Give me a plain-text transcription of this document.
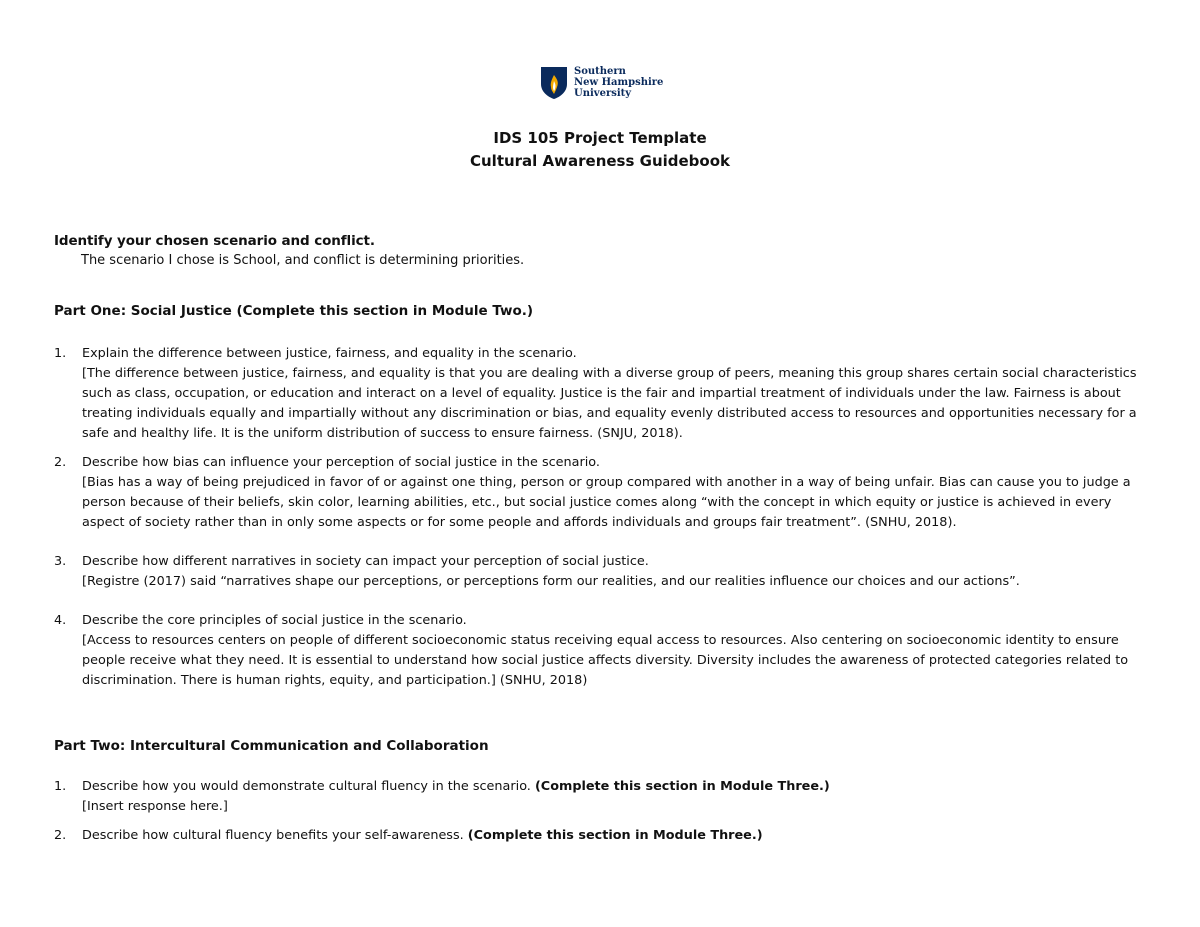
Southern
New Hampshire
University
IDS 105 Project Template
Cultural Awareness Guidebook
Identify your chosen scenario and conflict.
The scenario I chose is School, and conflict is determining priorities.
Part One: Social Justice (Complete this section in Module Two.)
1. Explain the difference between justice, fairness, and equality in the scenario.
[The difference between justice, fairness, and equality is that you are dealing with a diverse group of peers, meaning this group shares certain social characteristics such as class, occupation, or education and interact on a level of equality. Justice is the fair and impartial treatment of individuals under the law. Fairness is about treating individuals equally and impartially without any discrimination or bias, and equality evenly distributed access to resources and opportunities necessary for a safe and healthy life. It is the uniform distribution of success to ensure fairness. (SNJU, 2018).
2. Describe how bias can influence your perception of social justice in the scenario.
[Bias has a way of being prejudiced in favor of or against one thing, person or group compared with another in a way of being unfair. Bias can cause you to judge a person because of their beliefs, skin color, learning abilities, etc., but social justice comes along “with the concept in which equity or justice is achieved in every aspect of society rather than in only some aspects or for some people and affords individuals and groups fair treatment”. (SNHU, 2018).
3. Describe how different narratives in society can impact your perception of social justice.
[Registre (2017) said “narratives shape our perceptions, or perceptions form our realities, and our realities influence our choices and our actions”.
4. Describe the core principles of social justice in the scenario.
[Access to resources centers on people of different socioeconomic status receiving equal access to resources. Also centering on socioeconomic identity to ensure people receive what they need. It is essential to understand how social justice affects diversity. Diversity includes the awareness of protected categories related to discrimination. There is human rights, equity, and participation.] (SNHU, 2018)
Part Two: Intercultural Communication and Collaboration
1. Describe how you would demonstrate cultural fluency in the scenario. (Complete this section in Module Three.)
[Insert response here.]
2. Describe how cultural fluency benefits your self-awareness. (Complete this section in Module Three.)
